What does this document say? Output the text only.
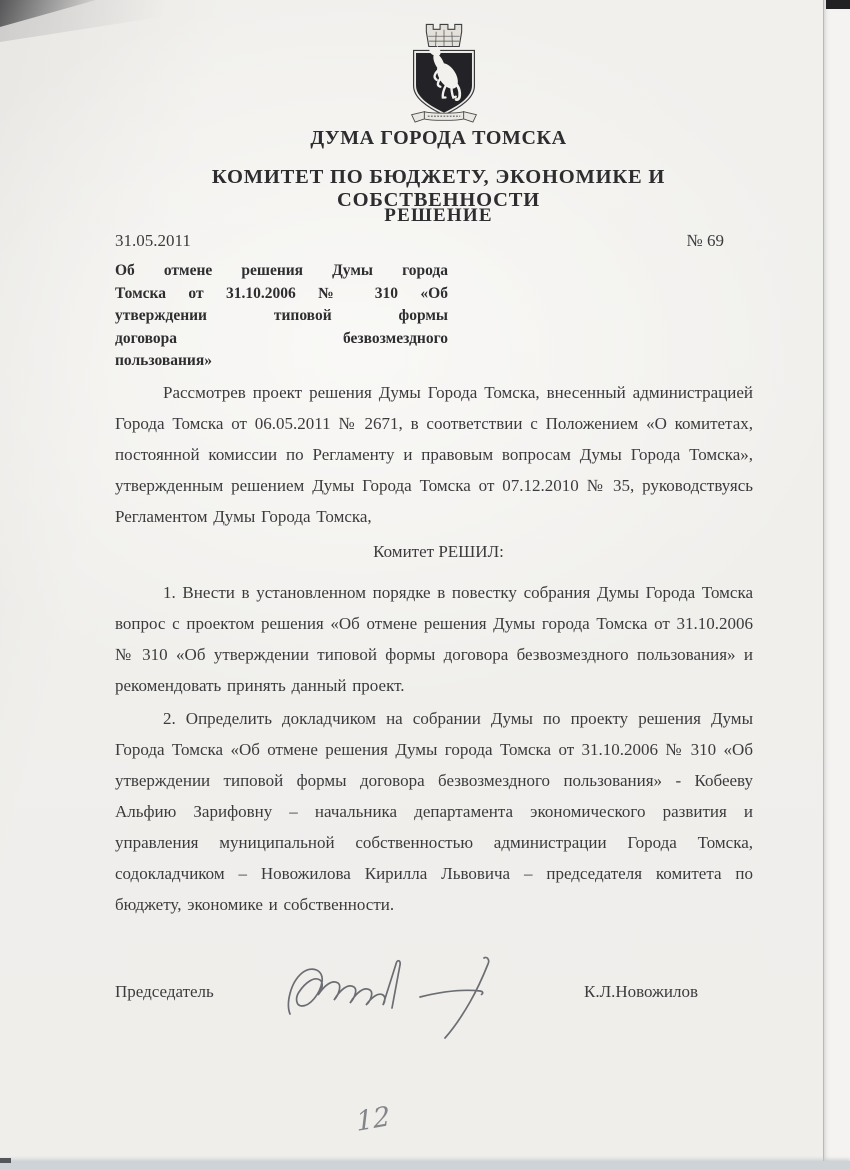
ДУМА ГОРОДА ТОМСКА
КОМИТЕТ ПО БЮДЖЕТУ, ЭКОНОМИКЕ И СОБСТВЕННОСТИ
РЕШЕНИЕ
31.05.2011	№ 69
Об отмене решения Думы города
Томска от 31.10.2006 № 310 «Об
утверждении типовой формы
договора безвозмездного
пользования»

Рассмотрев проект решения Думы Города Томска, внесенный администрацией Города Томска от 06.05.2011 № 2671, в соответствии с Положением «О комитетах, постоянной комиссии по Регламенту и правовым вопросам Думы Города Томска», утвержденным решением Думы Города Томска от 07.12.2010 № 35, руководствуясь Регламентом Думы Города Томска,

Комитет РЕШИЛ:

1. Внести в установленном порядке в повестку собрания Думы Города Томска вопрос с проектом решения «Об отмене решения Думы города Томска от 31.10.2006 № 310 «Об утверждении типовой формы договора безвозмездного пользования» и рекомендовать принять данный проект.

2. Определить докладчиком на собрании Думы по проекту решения Думы Города Томска «Об отмене решения Думы города Томска от 31.10.2006 № 310 «Об утверждении типовой формы договора безвозмездного пользования» - Кобееву Альфию Зарифовну – начальника департамента экономического развития и управления муниципальной собственностью администрации Города Томска, содокладчиком – Новожилова Кирилла Львовича – председателя комитета по бюджету, экономике и собственности.

Председатель	К.Л.Новожилов
12
